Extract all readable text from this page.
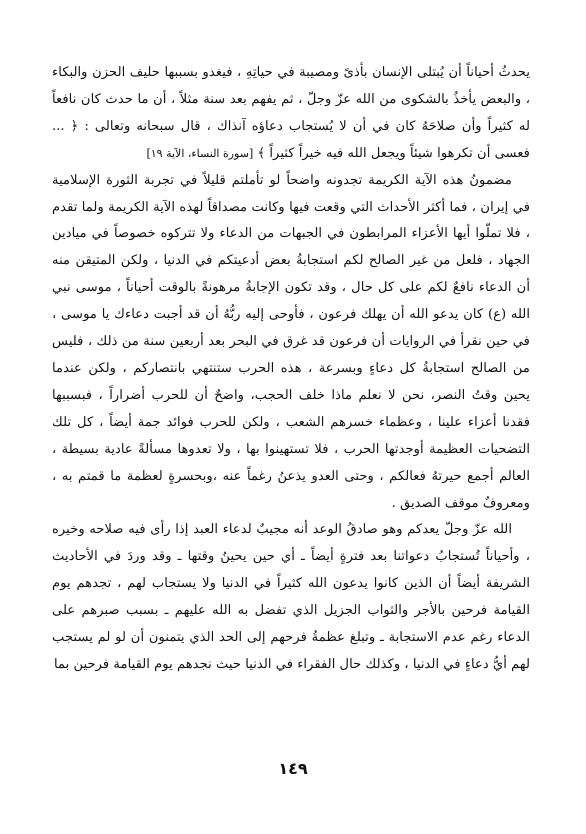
يحدثُ أحياناً أن يُبتلى الإنسان بأذىً ومصيبة في حياتِهِ ، فيغدو بسببها حليف الحزن والبكاء ، والبعض يأخذُ بالشكوى من الله عزّ وجلّ ، ثم يفهم بعد سنة مثلاً ، أن ما حدث كان نافعاً له كثيراً وأن صلاحَهُ كان في أن لا يُستجاب دعاؤه آنذاك ، قال سبحانه وتعالى : ﴿ ... فعسى أن تكرهوا شيئاً ويجعل الله فيه خيراً كثيراً ﴾ [سورة النساء، الآية ١٩]

مضمونُ هذه الآية الكريمة تجدونه واضحاً لو تأملتم قليلاً في تجربة الثورة الإسلامية في إيران ، فما أكثر الأحداث التي وقعت فيها وكانت مصداقاً لهذه الآية الكريمة ولما تقدم ، فلا تملّوا أيها الأعزاء المرابطون في الجبهات من الدعاء ولا تتركوه خصوصاً في ميادين الجهاد ، فلعل من غير الصالح لكم استجابةُ بعض أدعيتكم في الدنيا ، ولكن المتيقن منه أن الدعاء نافعٌ لكم على كل حال ، وقد تكون الإجابةُ مرهونةً بالوقت أحياناً ، موسى نبي الله (ع) كان يدعو الله أن يهلك فرعون ، فأوحى إليه ربُّهُ أن قد أجبت دعاءك يا موسى ، في حين نقرأ في الروايات أن فرعون قد غرق في البحر بعد أربعين سنة من ذلك ، فليس من الصالح استجابةُ كل دعاءٍ وبسرعة ، هذه الحرب ستنتهي بانتصاركم ، ولكن عندما يحين وقتُ النصر، نحن لا نعلم ماذا خلف الحجب، واضحٌ أن للحرب أضراراً ، فبسببها فقدنا أعزاء علينا ، وعظماء خسرهم الشعب ، ولكن للحرب فوائد جمة أيضاً ، كل تلك التضحيات العظيمة أوجدتها الحرب ، فلا تستهينوا بها ، ولا تعدوها مسألةً عادية بسيطة ، العالم أجمع حيرتهُ فعالكم ، وحتى العدو يذعنُ رغماً عنه ،وبحسرةٍ لعظمة ما قمتم به ، ومعروفٌ موقف الصديق .

الله عزّ وجلّ يعدكم وهو صادقُ الوعد أنه مجيبٌ لدعاء العبد إذا رأى فيه صلاحه وخيره ، وأحياناً تُستجابُ دعواتنا بعد فترةٍ أيضاً ـ أي حين يحينُ وقتها ـ وقد وردَ في الأحاديث الشريفة أيضاً أن الذين كانوا يدعون الله كثيراً في الدنيا ولا يستجاب لهم ، تجدهم يوم القيامة فرحين بالأجر والثواب الجزيل الذي تفضل به الله عليهم ـ بسبب صبرهم على الدعاء رغم عدم الاستجابة ـ وتبلغ عظمةُ فرحهم إلى الحد الذي يتمنون أن لو لم يستجب لهم أيُّ دعاءٍ في الدنيا ، وكذلك حال الفقراء في الدنيا حيث نجدهم يوم القيامة فرحين بما

١٤٩
